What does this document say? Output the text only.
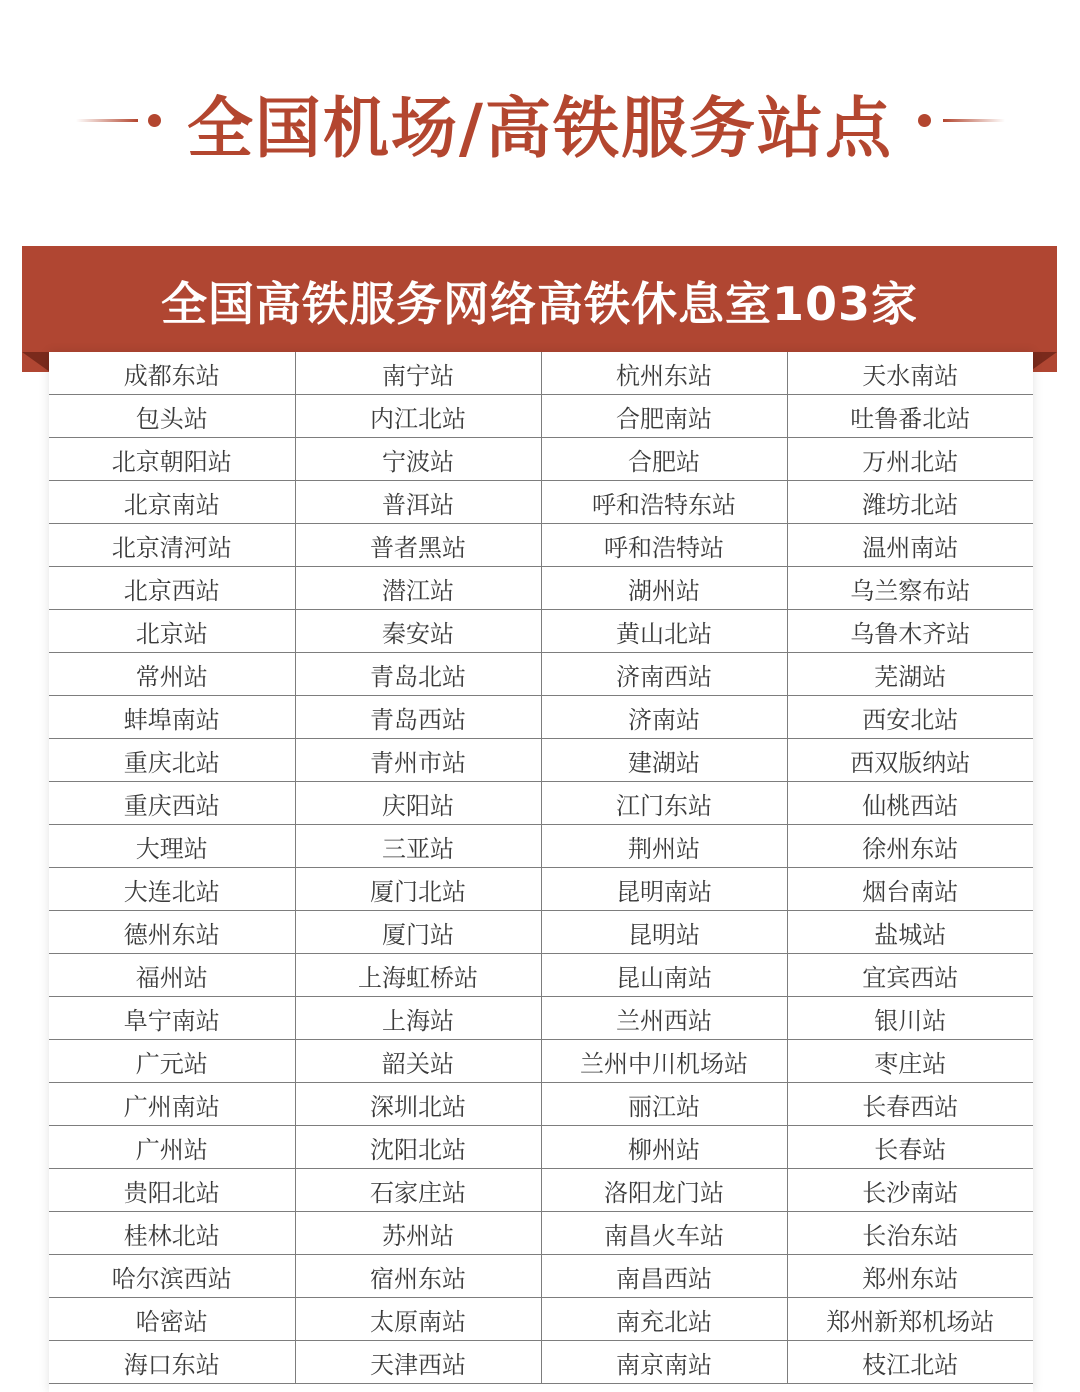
全国机场/高铁服务站点
全国高铁服务网络高铁休息室103家
成都东站	南宁站	杭州东站	天水南站
包头站	内江北站	合肥南站	吐鲁番北站
北京朝阳站	宁波站	合肥站	万州北站
北京南站	普洱站	呼和浩特东站	潍坊北站
北京清河站	普者黑站	呼和浩特站	温州南站
北京西站	潜江站	湖州站	乌兰察布站
北京站	秦安站	黄山北站	乌鲁木齐站
常州站	青岛北站	济南西站	芜湖站
蚌埠南站	青岛西站	济南站	西安北站
重庆北站	青州市站	建湖站	西双版纳站
重庆西站	庆阳站	江门东站	仙桃西站
大理站	三亚站	荆州站	徐州东站
大连北站	厦门北站	昆明南站	烟台南站
德州东站	厦门站	昆明站	盐城站
福州站	上海虹桥站	昆山南站	宜宾西站
阜宁南站	上海站	兰州西站	银川站
广元站	韶关站	兰州中川机场站	枣庄站
广州南站	深圳北站	丽江站	长春西站
广州站	沈阳北站	柳州站	长春站
贵阳北站	石家庄站	洛阳龙门站	长沙南站
桂林北站	苏州站	南昌火车站	长治东站
哈尔滨西站	宿州东站	南昌西站	郑州东站
哈密站	太原南站	南充北站	郑州新郑机场站
海口东站	天津西站	南京南站	枝江北站
